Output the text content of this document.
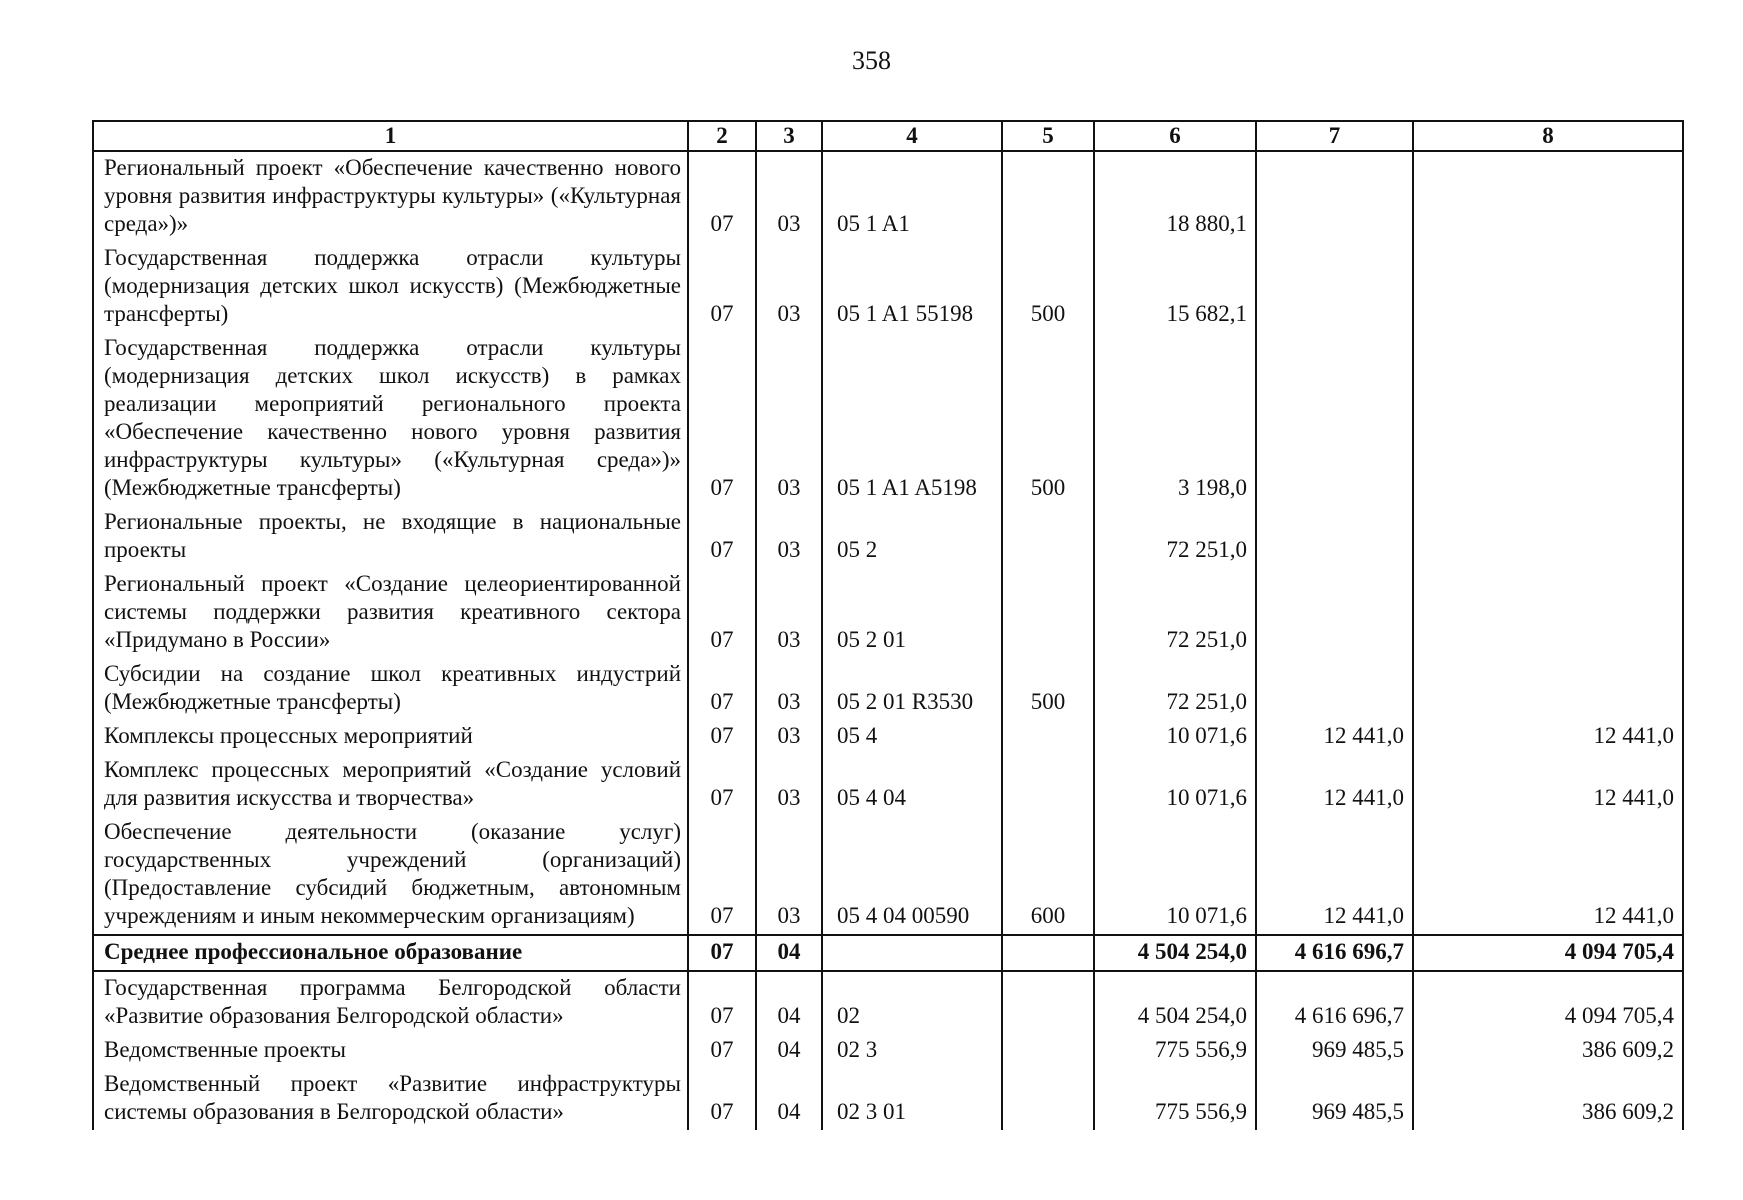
358
1	2	3	4	5	6	7	8
Региональный проект «Обеспечение качественно нового уровня развития инфраструктуры культуры» («Культурная среда»)»	07	03	05 1 A1		18 880,1		
Государственная поддержка отрасли культуры (модернизация детских школ искусств) (Межбюджетные трансферты)	07	03	05 1 A1 55198	500	15 682,1		
Государственная поддержка отрасли культуры (модернизация детских школ искусств) в рамках реализации мероприятий регионального проекта «Обеспечение качественно нового уровня развития инфраструктуры культуры» («Культурная среда»)» (Межбюджетные трансферты)	07	03	05 1 A1 A5198	500	3 198,0		
Региональные проекты, не входящие в национальные проекты	07	03	05 2		72 251,0		
Региональный проект «Создание целеориентированной системы поддержки развития креативного сектора «Придумано в России»	07	03	05 2 01		72 251,0		
Субсидии на создание школ креативных индустрий (Межбюджетные трансферты)	07	03	05 2 01 R3530	500	72 251,0		
Комплексы процессных мероприятий	07	03	05 4		10 071,6	12 441,0	12 441,0
Комплекс процессных мероприятий «Создание условий для развития искусства и творчества»	07	03	05 4 04		10 071,6	12 441,0	12 441,0
Обеспечение деятельности (оказание услуг) государственных учреждений (организаций) (Предоставление субсидий бюджетным, автономным учреждениям и иным некоммерческим организациям)	07	03	05 4 04 00590	600	10 071,6	12 441,0	12 441,0
Среднее профессиональное образование	07	04			4 504 254,0	4 616 696,7	4 094 705,4
Государственная программа Белгородской области «Развитие образования Белгородской области»	07	04	02		4 504 254,0	4 616 696,7	4 094 705,4
Ведомственные проекты	07	04	02 3		775 556,9	969 485,5	386 609,2
Ведомственный проект «Развитие инфраструктуры системы образования в Белгородской области»	07	04	02 3 01		775 556,9	969 485,5	386 609,2
